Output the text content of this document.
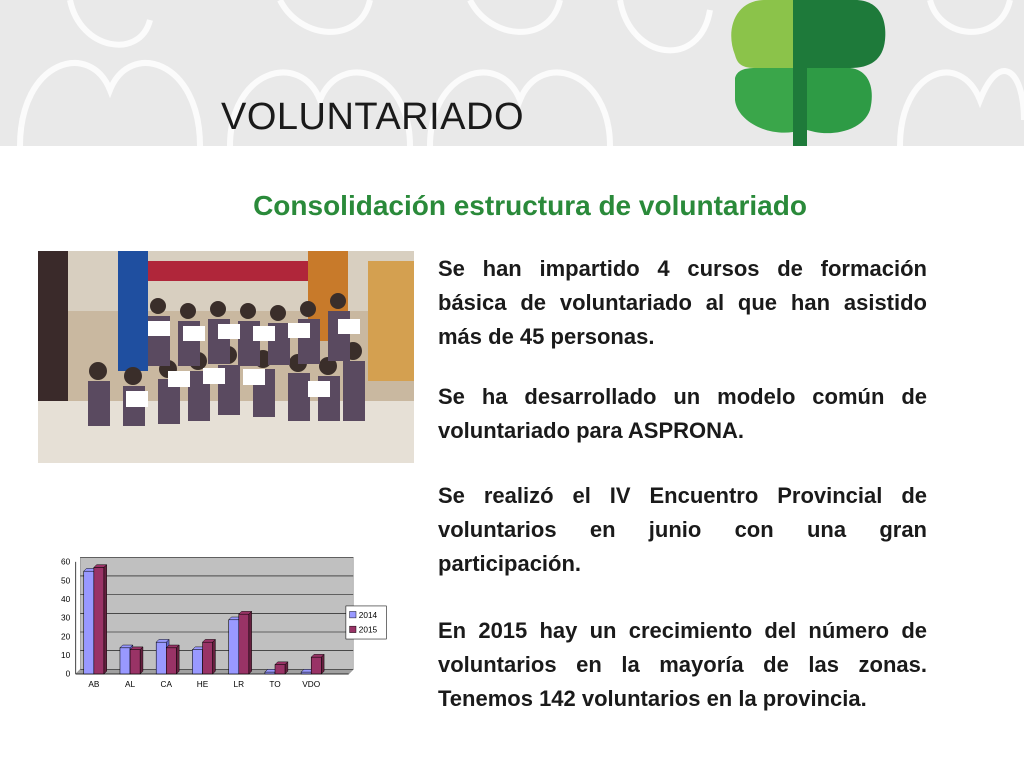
VOLUNTARIADO
Consolidación estructura de voluntariado

Se han impartido 4 cursos de formación básica de voluntariado al que han asistido más de 45 personas.

Se ha desarrollado un modelo común de voluntariado para ASPRONA.

Se realizó el IV Encuentro Provincial de voluntarios en junio con una gran participación.

En 2015 hay un crecimiento del número de voluntarios en la mayoría de las zonas. Tenemos 142 voluntarios en la provincia.

0
10
20
30
40
50
60
AB	AL	CA	HE	LR	TO VDO
2014
2015
